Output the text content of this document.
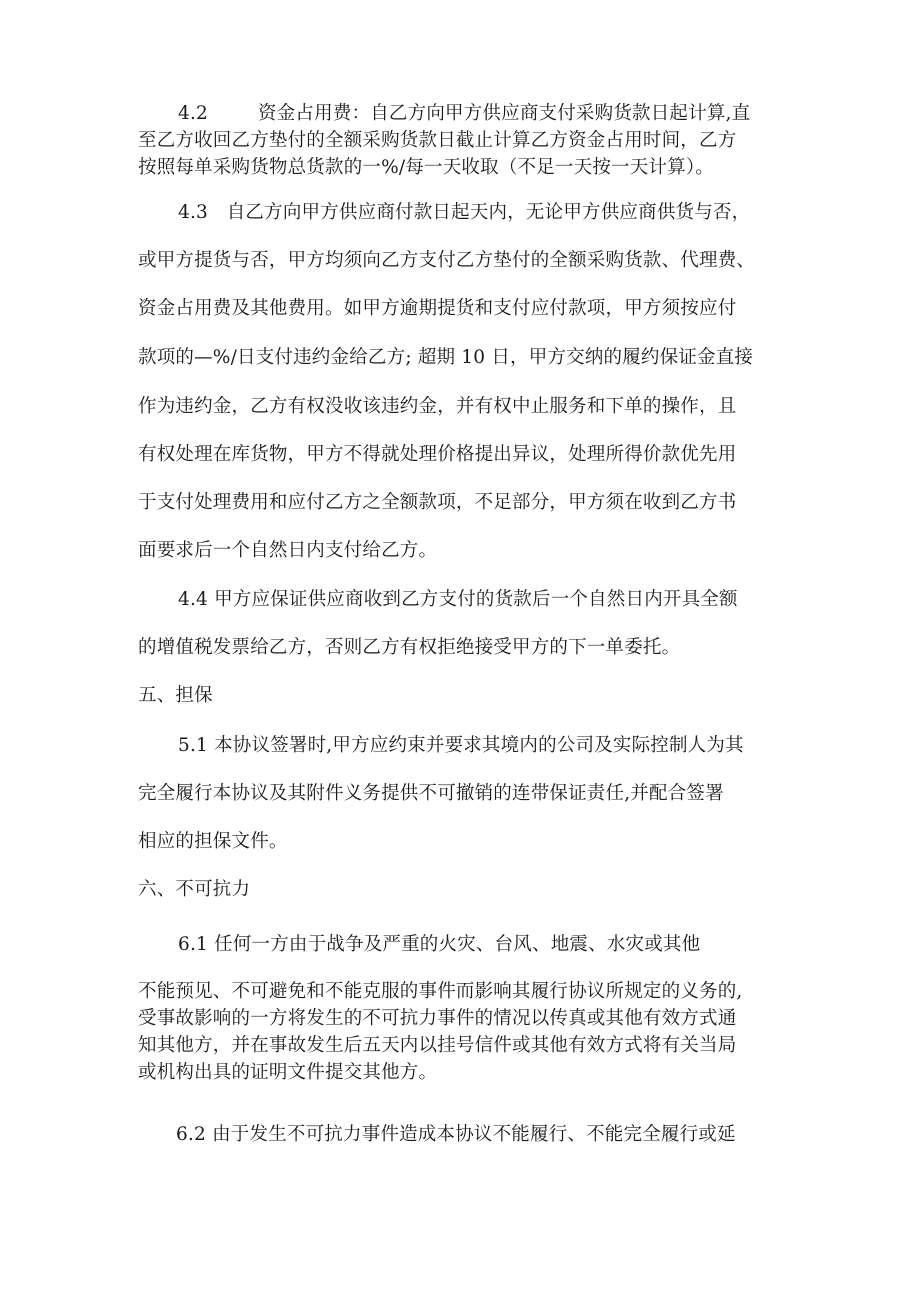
4.2	资金占用费：自乙方向甲方供应商支付采购货款日起计算,直
至乙方收回乙方垫付的全额采购货款日截止计算乙方资金占用时间，乙方
按照每单采购货物总货款的一%/每一天收取（不足一天按一天计算）。
4.3　自乙方向甲方供应商付款日起天内，无论甲方供应商供货与否，
或甲方提货与否，甲方均须向乙方支付乙方垫付的全额采购货款、代理费、
资金占用费及其他费用。如甲方逾期提货和支付应付款项，甲方须按应付
款项的—%/日支付违约金给乙方; 超期 10 日，甲方交纳的履约保证金直接
作为违约金，乙方有权没收该违约金，并有权中止服务和下单的操作，且
有权处理在库货物，甲方不得就处理价格提出异议，处理所得价款优先用
于支付处理费用和应付乙方之全额款项，不足部分，甲方须在收到乙方书
面要求后一个自然日内支付给乙方。
4.4 甲方应保证供应商收到乙方支付的货款后一个自然日内开具全额
的增值税发票给乙方，否则乙方有权拒绝接受甲方的下一单委托。
五、担保
5.1 本协议签署时,甲方应约束并要求其境内的公司及实际控制人为其
完全履行本协议及其附件义务提供不可撤销的连带保证责任,并配合签署
相应的担保文件。
六、不可抗力
6.1 任何一方由于战争及严重的火灾、台风、地震、水灾或其他
不能预见、不可避免和不能克服的事件而影响其履行协议所规定的义务的,
受事故影响的一方将发生的不可抗力事件的情况以传真或其他有效方式通
知其他方，并在事故发生后五天内以挂号信件或其他有效方式将有关当局
或机构出具的证明文件提交其他方。
6.2 由于发生不可抗力事件造成本协议不能履行、不能完全履行或延
